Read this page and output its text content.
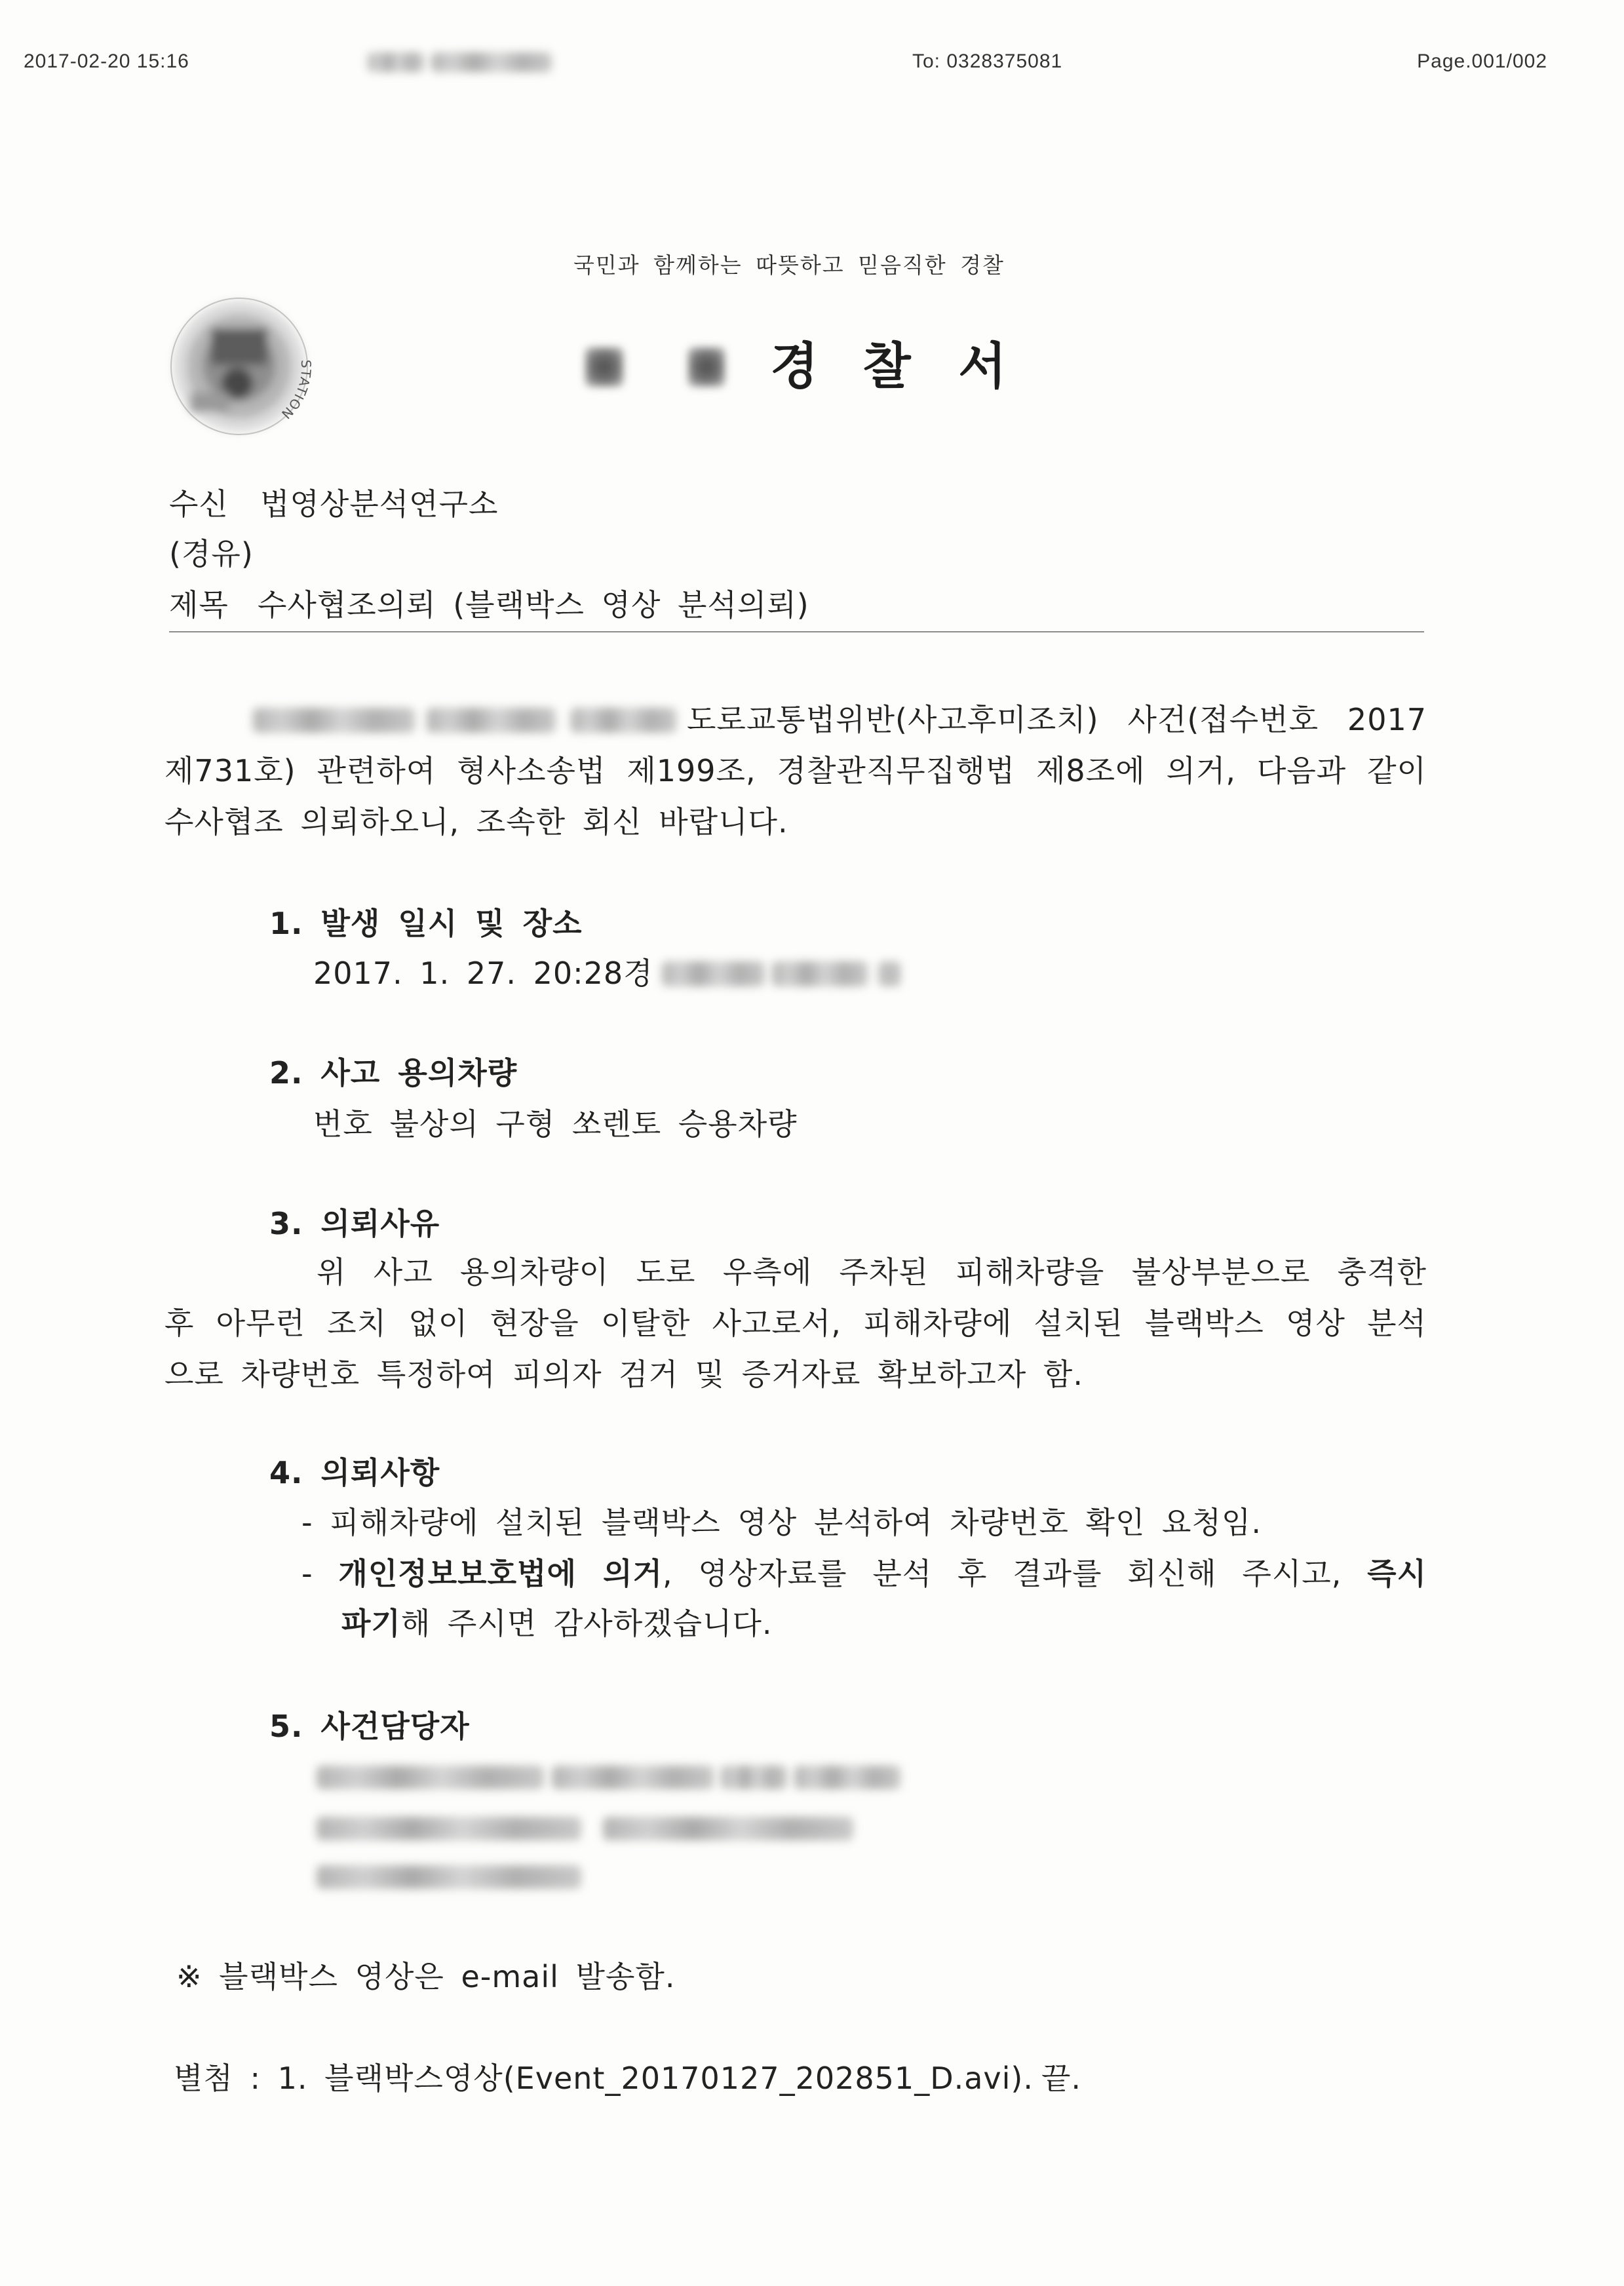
2017-02-20 15:16	To: 0328375081	Page.001/002
국민과 함께하는 따뜻하고 믿음직한 경찰
STATION
경 찰 서
수신 법영상분석연구소
(경유)
제목 수사협조의뢰 (블랙박스 영상 분석의뢰)
도로교통법위반(사고후미조치) 사건(접수번호 2017
제731호) 관련하여 형사소송법 제199조, 경찰관직무집행법 제8조에 의거, 다음과 같이
수사협조 의뢰하오니, 조속한 회신 바랍니다.
1. 발생 일시 및 장소
2017. 1. 27. 20:28경
2. 사고 용의차량
번호 불상의 구형 쏘렌토 승용차량
3. 의뢰사유
위 사고 용의차량이 도로 우측에 주차된 피해차량을 불상부분으로 충격한
후 아무런 조치 없이 현장을 이탈한 사고로서, 피해차량에 설치된 블랙박스 영상 분석
으로 차량번호 특정하여 피의자 검거 및 증거자료 확보하고자 함.
4. 의뢰사항
- 피해차량에 설치된 블랙박스 영상 분석하여 차량번호 확인 요청임.
- 개인정보보호법에 의거, 영상자료를 분석 후 결과를 회신해 주시고, 즉시
파기해 주시면 감사하겠습니다.
5. 사건담당자
※ 블랙박스 영상은 e-mail 발송함.
별첨 : 1. 블랙박스영상(Event_20170127_202851_D.avi). 끝.
